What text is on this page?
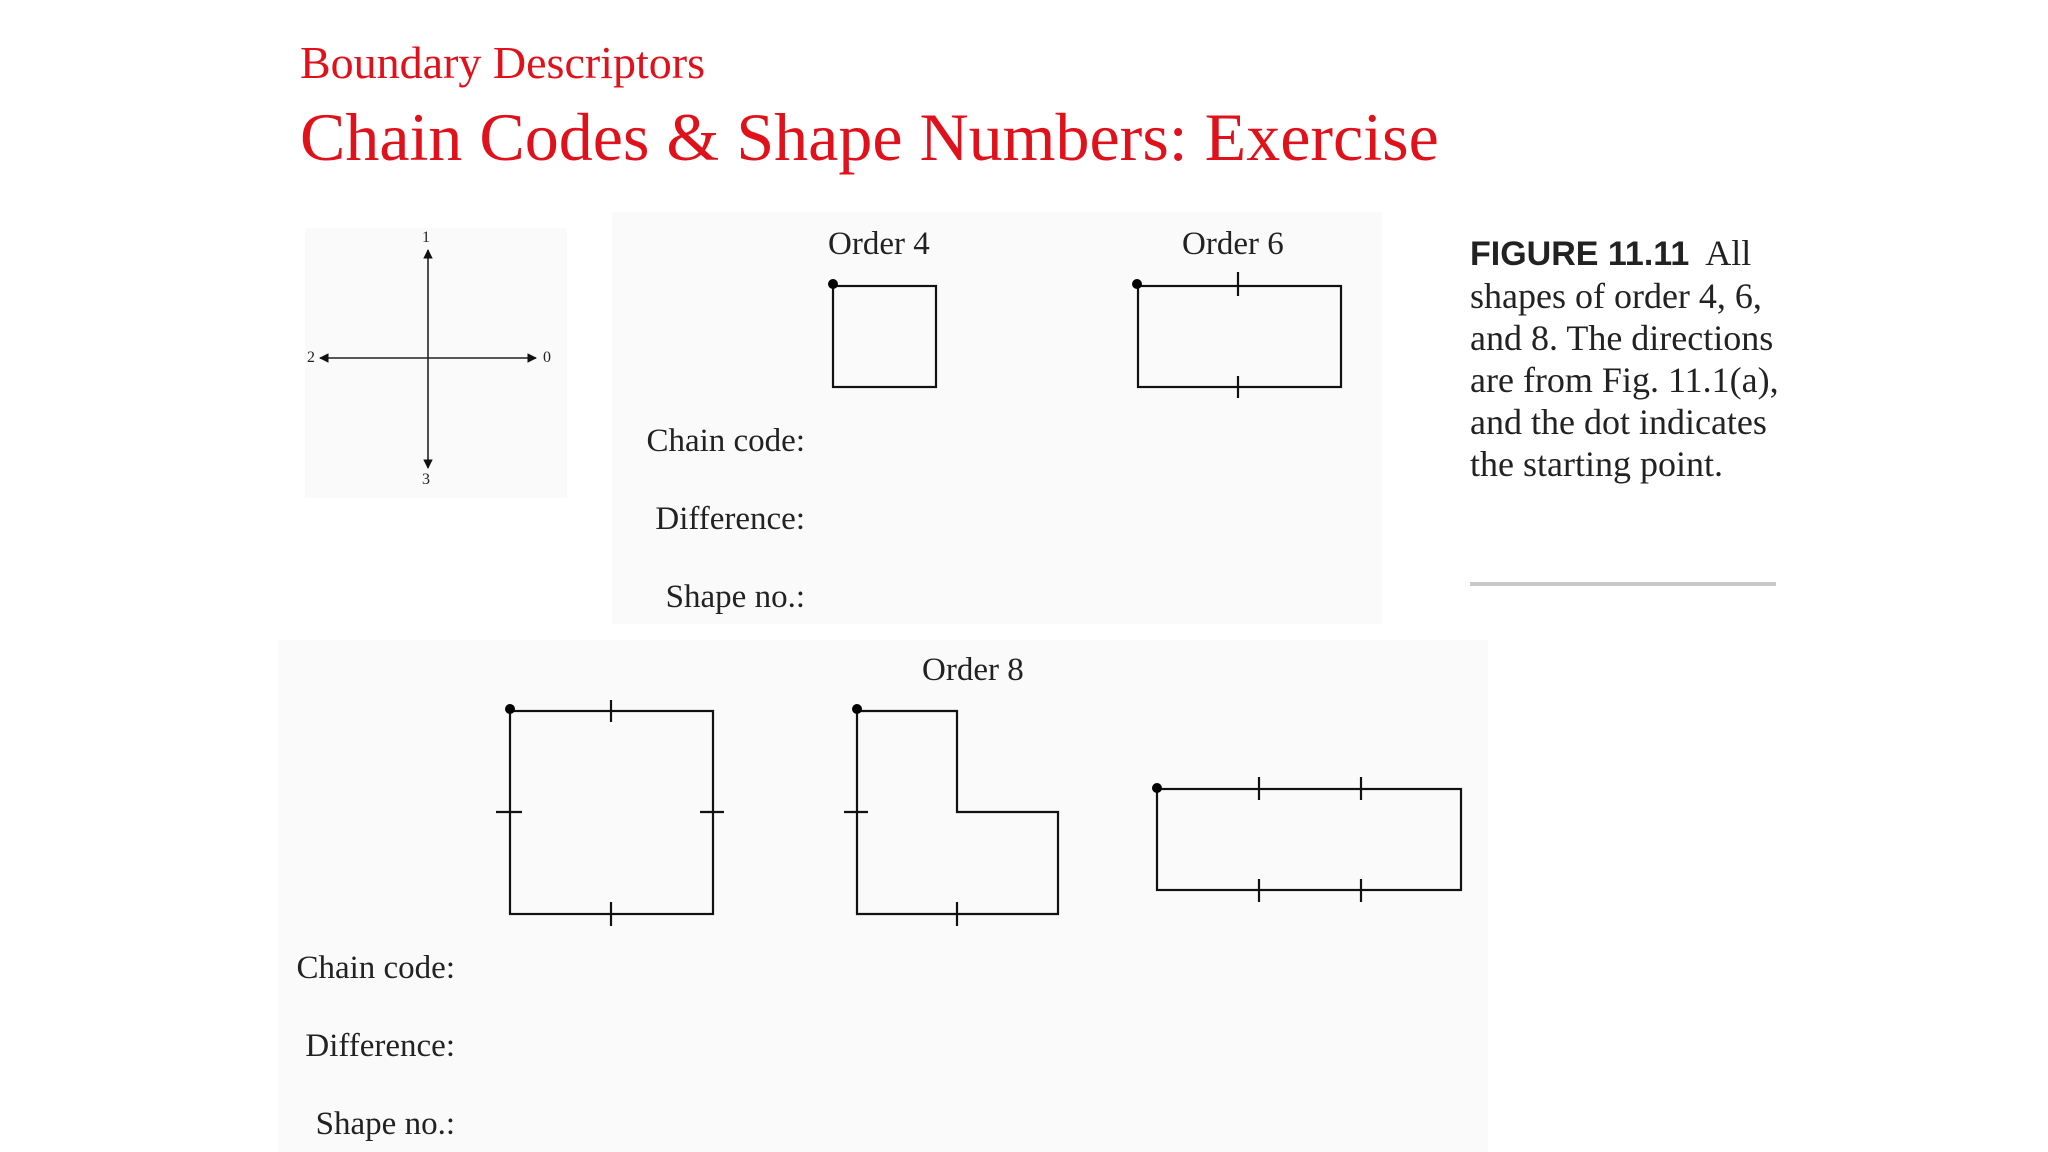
Boundary Descriptors
Chain Codes & Shape Numbers: Exercise
1
2	0
3
Order 4	Order 6
Chain code:
Difference:
Shape no.:
Order 8
Chain code:
Difference:
Shape no.:

FIGURE 11.11 All shapes of order 4, 6, and 8. The directions are from Fig. 11.1(a), and the dot indicates the starting point.
